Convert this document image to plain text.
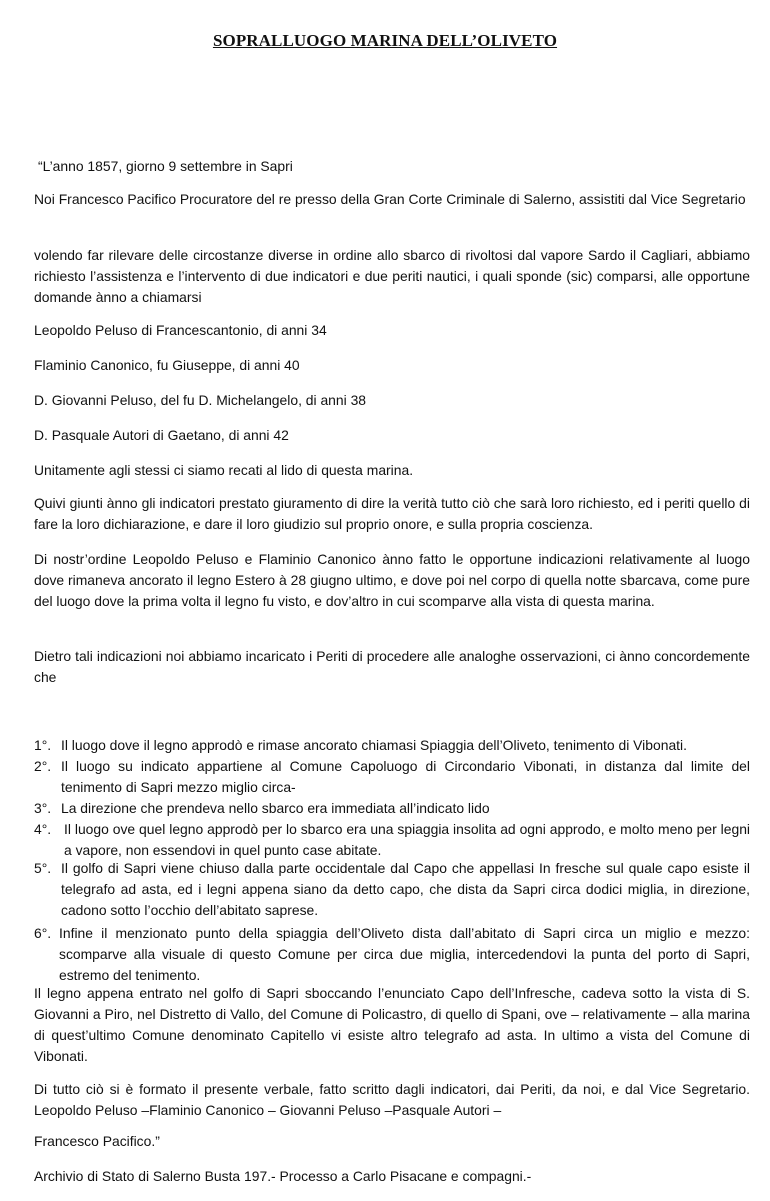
SOPRALLUOGO MARINA DELL’OLIVETO

“L’anno 1857, giorno 9 settembre in Sapri

Noi Francesco Pacifico Procuratore del re presso della Gran Corte Criminale di Salerno, assistiti dal Vice Segretario

volendo far rilevare delle circostanze diverse in ordine allo sbarco di rivoltosi dal vapore Sardo il Cagliari, abbiamo richiesto l’assistenza e l’intervento di due indicatori e due periti nautici, i quali sponde (sic) comparsi, alle opportune domande ànno a chiamarsi

Leopoldo Peluso di Francescantonio, di anni 34

Flaminio Canonico, fu Giuseppe, di anni 40

D. Giovanni Peluso, del fu D. Michelangelo, di anni 38

D. Pasquale Autori di Gaetano, di anni 42

Unitamente agli stessi ci siamo recati al lido di questa marina.

Quivi giunti ànno gli indicatori prestato giuramento di dire la verità tutto ciò che sarà loro richiesto, ed i periti quello di fare la loro dichiarazione, e dare il loro giudizio sul proprio onore, e sulla propria coscienza.

Di nostr’ordine Leopoldo Peluso e Flaminio Canonico ànno fatto le opportune indicazioni relativamente al luogo dove rimaneva ancorato il legno Estero à 28 giugno ultimo, e dove poi nel corpo di quella notte sbarcava, come pure del luogo dove la prima volta il legno fu visto, e dov’altro in cui scomparve alla vista di questa marina.

Dietro tali indicazioni noi abbiamo incaricato i Periti di procedere alle analoghe osservazioni, ci ànno concordemente che

1°. Il luogo dove il legno approdò e rimase ancorato chiamasi Spiaggia dell’Oliveto, tenimento di Vibonati.
2°. Il luogo su indicato appartiene al Comune Capoluogo di Circondario Vibonati, in distanza dal limite del tenimento di Sapri mezzo miglio circa-
3°. La direzione che prendeva nello sbarco era immediata all’indicato lido
4°. Il luogo ove quel legno approdò per lo sbarco era una spiaggia insolita ad ogni approdo, e molto meno per legni a vapore, non essendovi in quel punto case abitate.
5°. Il golfo di Sapri viene chiuso dalla parte occidentale dal Capo che appellasi In fresche sul quale capo esiste il telegrafo ad asta, ed i legni appena siano da detto capo, che dista da Sapri circa dodici miglia, in direzione, cadono sotto l’occhio dell’abitato saprese.
6°. Infine il menzionato punto della spiaggia dell’Oliveto dista dall’abitato di Sapri circa un miglio e mezzo: scomparve alla visuale di questo Comune per circa due miglia, intercedendovi la punta del porto di Sapri, estremo del tenimento.

Il legno appena entrato nel golfo di Sapri sboccando l’enunciato Capo dell’Infresche, cadeva sotto la vista di S. Giovanni a Piro, nel Distretto di Vallo, del Comune di Policastro, di quello di Spani, ove – relativamente – alla marina di quest’ultimo Comune denominato Capitello vi esiste altro telegrafo ad asta. In ultimo a vista del Comune di Vibonati.

Di tutto ciò si è formato il presente verbale, fatto scritto dagli indicatori, dai Periti, da noi, e dal Vice Segretario. Leopoldo Peluso –Flaminio Canonico – Giovanni Peluso –Pasquale Autori –

Francesco Pacifico.”

Archivio di Stato di Salerno Busta 197.- Processo a Carlo Pisacane e compagni.-
